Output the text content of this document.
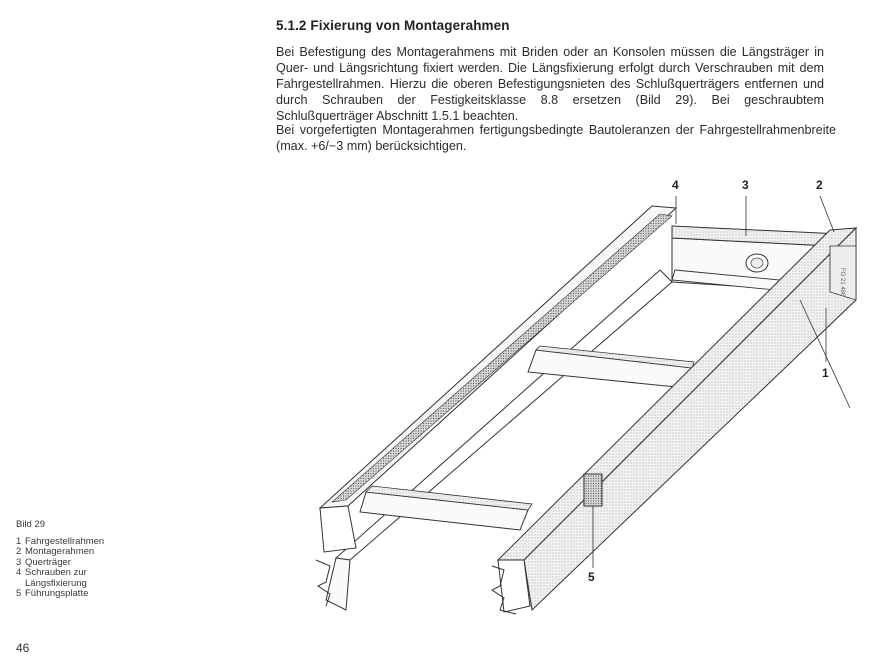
5.1.2 Fixierung von Montagerahmen

Bei Befestigung des Montagerahmens mit Briden oder an Konsolen müssen die Längsträger in Quer- und Längsrichtung fixiert werden. Die Längsfixierung erfolgt durch Verschrauben mit dem Fahrgestellrahmen. Hierzu die oberen Befestigungsnieten des Schlußquerträgers entfernen und durch Schrauben der Festigkeitsklasse 8.8 ersetzen (Bild 29). Bei geschraubtem Schlußquerträger Abschnitt 1.5.1 beachten.

Bei vorgefertigten Montagerahmen fertigungsbedingte Bautoleranzen der Fahrgestellrahmenbreite (max. +6/−3 mm) berücksichtigen.

4	3	2
1
5
FG 21 486
Bild 29
1 Fahrgestellrahmen
2 Montagerahmen
3 Querträger
4 Schrauben zur
Längsfixierung
5 Führungsplatte
46
